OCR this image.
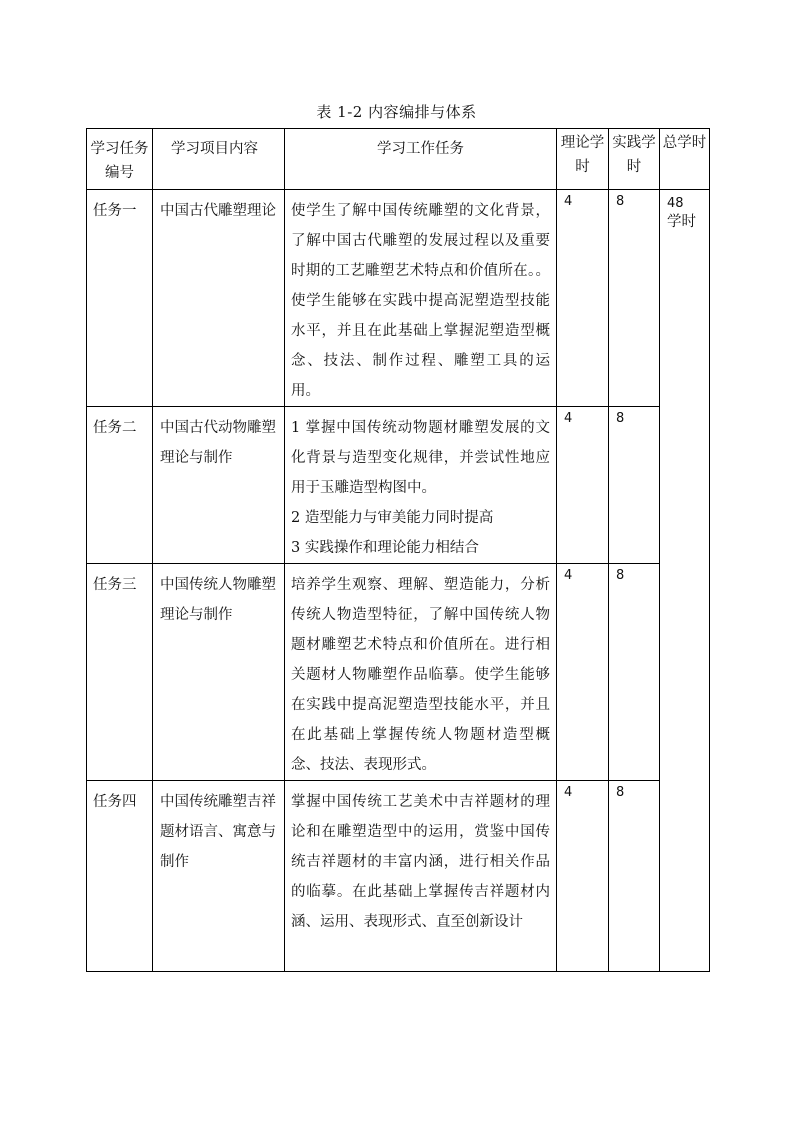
表 1-2 内容编排与体系
学习任务编号	学习项目内容	学习工作任务	理论学时	实践学时	总学时
任务一	中国古代雕塑理论	使学生了解中国传统雕塑的文化背景，了解中国古代雕塑的发展过程以及重要时期的工艺雕塑艺术特点和价值所在。。使学生能够在实践中提高泥塑造型技能水平，并且在此基础上掌握泥塑造型概念、技法、制作过程、雕塑工具的运用。	4	8	48
学时

任务二	中国古代动物雕塑理论与制作	1 掌握中国传统动物题材雕塑发展的文化背景与造型变化规律，并尝试性地应用于玉雕造型构图中。
2 造型能力与审美能力同时提高
3 实践操作和理论能力相结合	4	8	
任务三	中国传统人物雕塑理论与制作	培养学生观察、理解、塑造能力，分析传统人物造型特征，了解中国传统人物题材雕塑艺术特点和价值所在。进行相关题材人物雕塑作品临摹。使学生能够在实践中提高泥塑造型技能水平，并且在此基础上掌握传统人物题材造型概念、技法、表现形式。	4	8	
任务四	中国传统雕塑吉祥题材语言、寓意与制作	掌握中国传统工艺美术中吉祥题材的理论和在雕塑造型中的运用，赏鉴中国传统吉祥题材的丰富内涵，进行相关作品的临摹。在此基础上掌握传吉祥题材内涵、运用、表现形式、直至创新设计	4	8	
